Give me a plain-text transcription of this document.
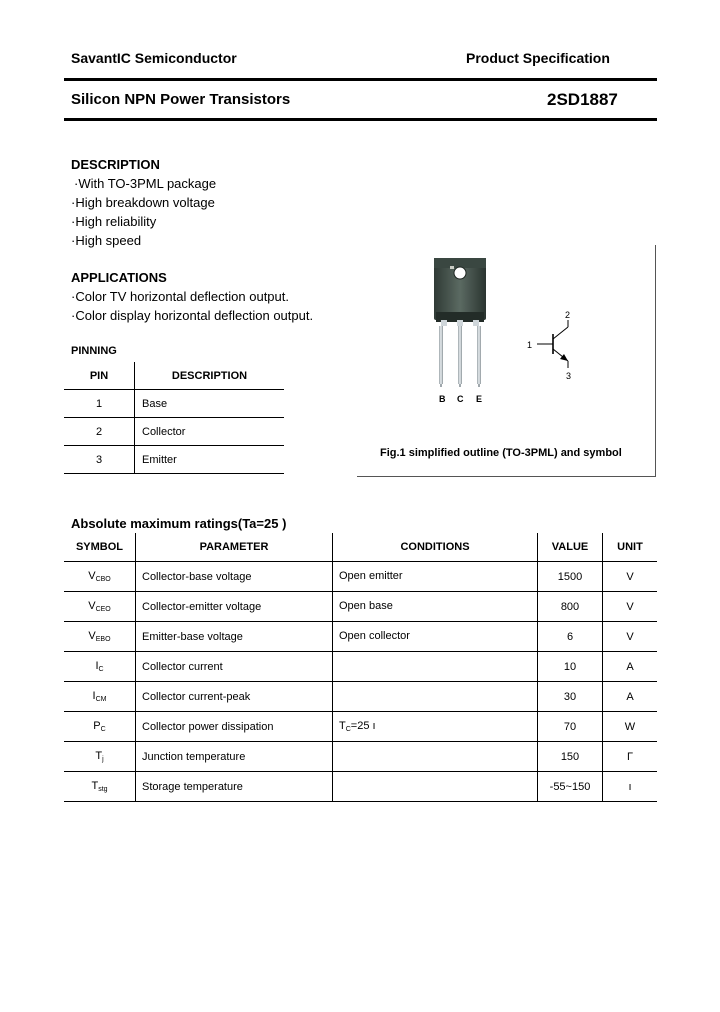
SavantIC Semiconductor	Product Specification
Silicon NPN Power Transistors	2SD1887
DESCRIPTION
·With TO-3PML package
·High breakdown voltage
·High reliability
·High speed
APPLICATIONS
·Color TV horizontal deflection output.
·Color display horizontal deflection output.
PINNING
PIN	DESCRIPTION
1	Base
2	Collector
3	Emitter
B C E
1
2
3
Fig.1 simplified outline (TO-3PML) and symbol
Absolute maximum ratings(Ta=25 )
SYMBOL	PARAMETER	CONDITIONS	VALUE	UNIT
$V_{CBO}$	Collector-base voltage	Open emitter	1500	V
$V_{CEO}$	Collector-emitter voltage	Open base	800	V
$V_{EBO}$	Emitter-base voltage	Open collector	6	V
$I_C$	Collector current		10	A
$I_{CM}$	Collector current-peak		30	A
$P_C$	Collector power dissipation	$T_C=25$ ı	70	W
$T_j$	Junction temperature		150	Γ
$T_{stg}$	Storage temperature		-55~150	ı
